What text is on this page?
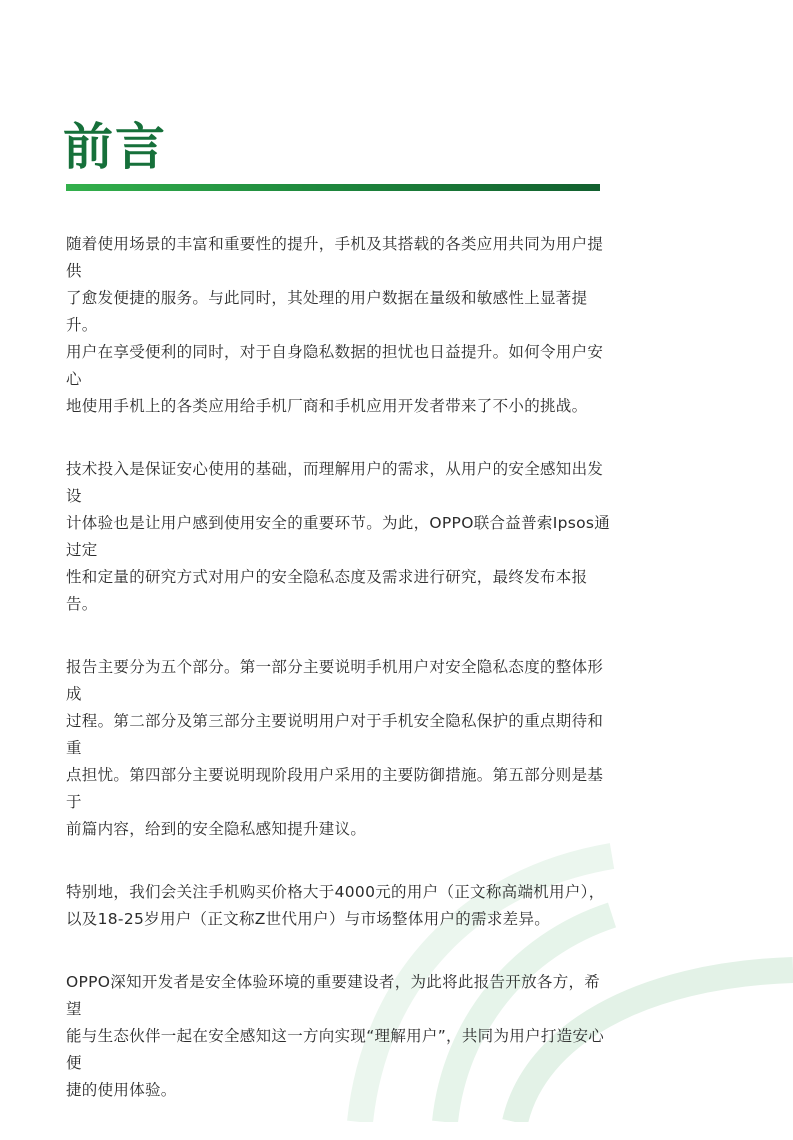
前言

随着使用场景的丰富和重要性的提升，手机及其搭载的各类应用共同为用户提供
了愈发便捷的服务。与此同时，其处理的用户数据在量级和敏感性上显著提升。
用户在享受便利的同时，对于自身隐私数据的担忧也日益提升。如何令用户安心
地使用手机上的各类应用给手机厂商和手机应用开发者带来了不小的挑战。

技术投入是保证安心使用的基础，而理解用户的需求，从用户的安全感知出发设
计体验也是让用户感到使用安全的重要环节。为此，OPPO联合益普索Ipsos通过定
性和定量的研究方式对用户的安全隐私态度及需求进行研究，最终发布本报告。

报告主要分为五个部分。第一部分主要说明手机用户对安全隐私态度的整体形成
过程。第二部分及第三部分主要说明用户对于手机安全隐私保护的重点期待和重
点担忧。第四部分主要说明现阶段用户采用的主要防御措施。第五部分则是基于
前篇内容，给到的安全隐私感知提升建议。

特别地，我们会关注手机购买价格大于4000元的用户（正文称高端机用户），
以及18-25岁用户（正文称Z世代用户）与市场整体用户的需求差异。

OPPO深知开发者是安全体验环境的重要建设者，为此将此报告开放各方，希望
能与生态伙伴一起在安全感知这一方向实现“理解用户”，共同为用户打造安心便
捷的使用体验。
